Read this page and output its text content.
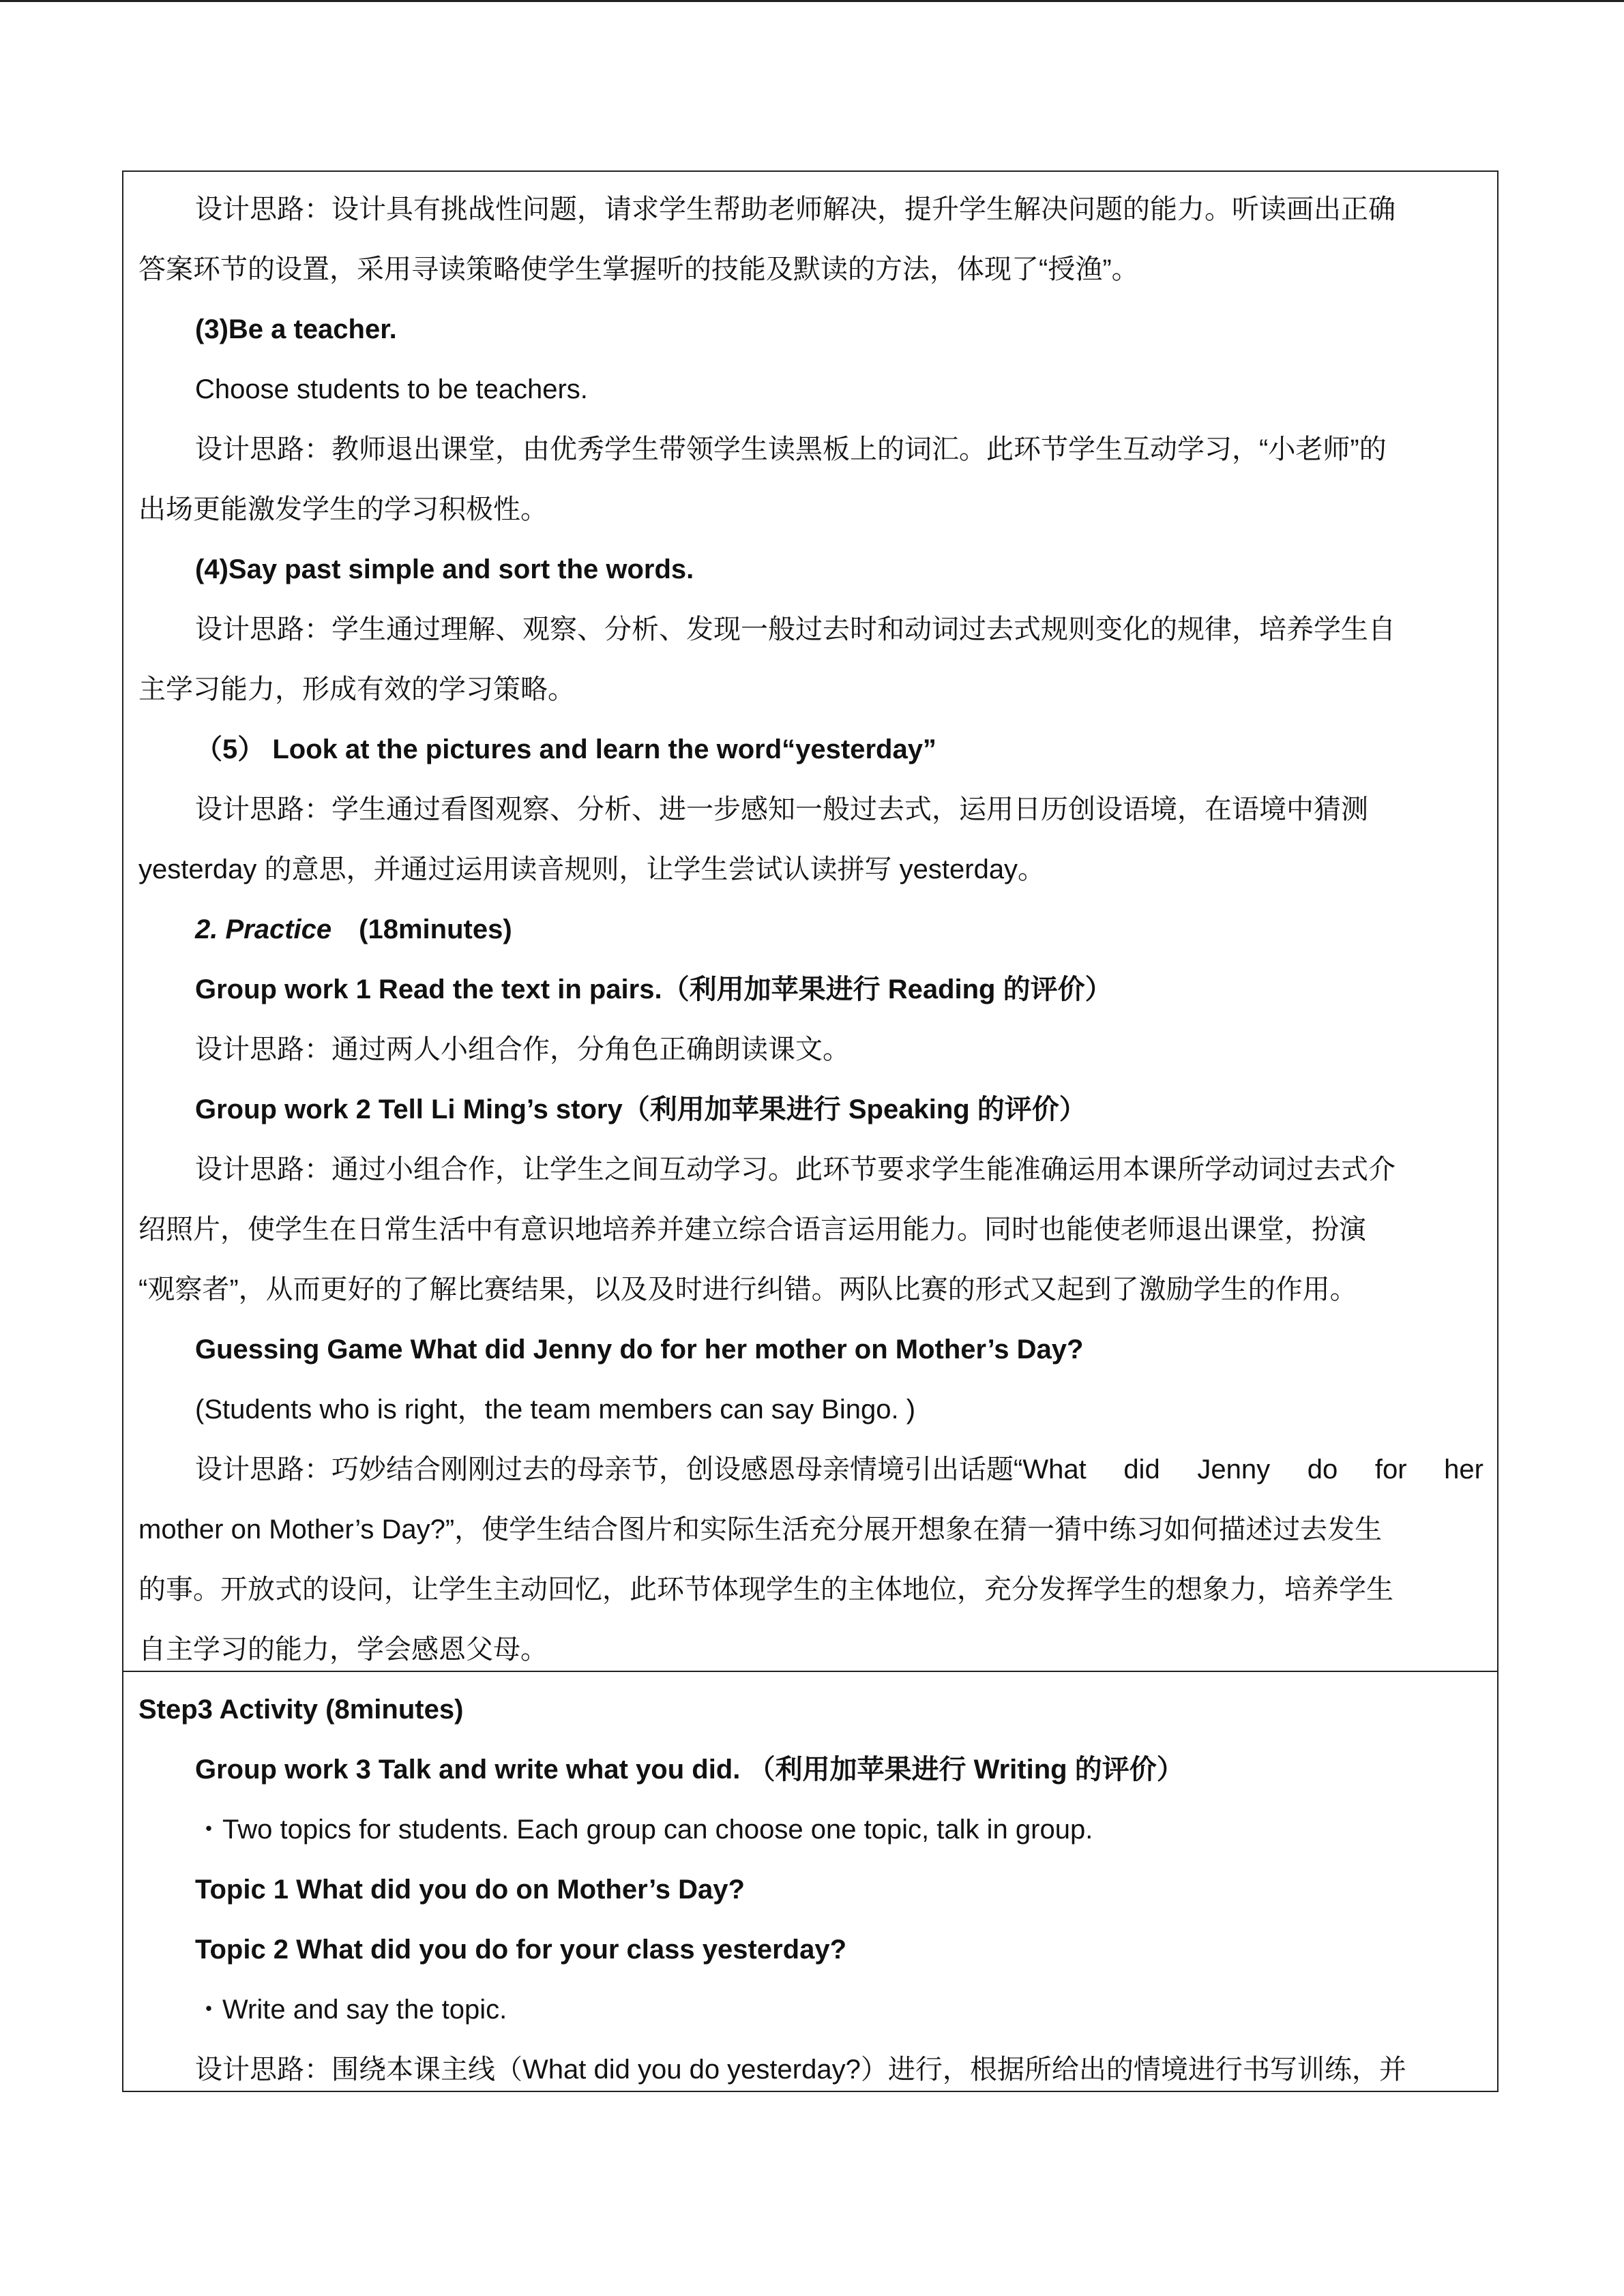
设计思路：设计具有挑战性问题，请求学生帮助老师解决，提升学生解决问题的能力。听读画出正确
答案环节的设置，采用寻读策略使学生掌握听的技能及默读的方法，体现了“授渔”。
(3)Be a teacher.
Choose students to be teachers.
设计思路：教师退出课堂，由优秀学生带领学生读黑板上的词汇。此环节学生互动学习，“小老师”的
出场更能激发学生的学习积极性。
(4)Say past simple and sort the words.
设计思路：学生通过理解、观察、分析、发现一般过去时和动词过去式规则变化的规律，培养学生自
主学习能力，形成有效的学习策略。
（5） Look at the pictures and learn the word“yesterday”
设计思路：学生通过看图观察、分析、进一步感知一般过去式，运用日历创设语境，在语境中猜测
yesterday 的意思，并通过运用读音规则，让学生尝试认读拼写 yesterday。
2. Practice (18minutes)
Group work 1 Read the text in pairs.（利用加苹果进行 Reading 的评价）
设计思路：通过两人小组合作，分角色正确朗读课文。
Group work 2 Tell Li Ming’s story（利用加苹果进行 Speaking 的评价）
设计思路：通过小组合作，让学生之间互动学习。此环节要求学生能准确运用本课所学动词过去式介
绍照片，使学生在日常生活中有意识地培养并建立综合语言运用能力。同时也能使老师退出课堂，扮演
“观察者”，从而更好的了解比赛结果，以及及时进行纠错。两队比赛的形式又起到了激励学生的作用。
Guessing Game What did Jenny do for her mother on Mother’s Day?
(Students who is right，the team members can say Bingo. )
设计思路：巧妙结合刚刚过去的母亲节，创设感恩母亲情境引出话题“What did Jenny do for her
mother on Mother’s Day?”，使学生结合图片和实际生活充分展开想象在猜一猜中练习如何描述过去发生
的事。开放式的设问，让学生主动回忆，此环节体现学生的主体地位，充分发挥学生的想象力，培养学生
自主学习的能力，学会感恩父母。
Step3 Activity (8minutes)
Group work 3 Talk and write what you did. （利用加苹果进行 Writing 的评价）
・Two topics for students. Each group can choose one topic, talk in group.
Topic 1 What did you do on Mother’s Day?
Topic 2 What did you do for your class yesterday?
・Write and say the topic.
设计思路：围绕本课主线（What did you do yesterday?）进行，根据所给出的情境进行书写训练，并
